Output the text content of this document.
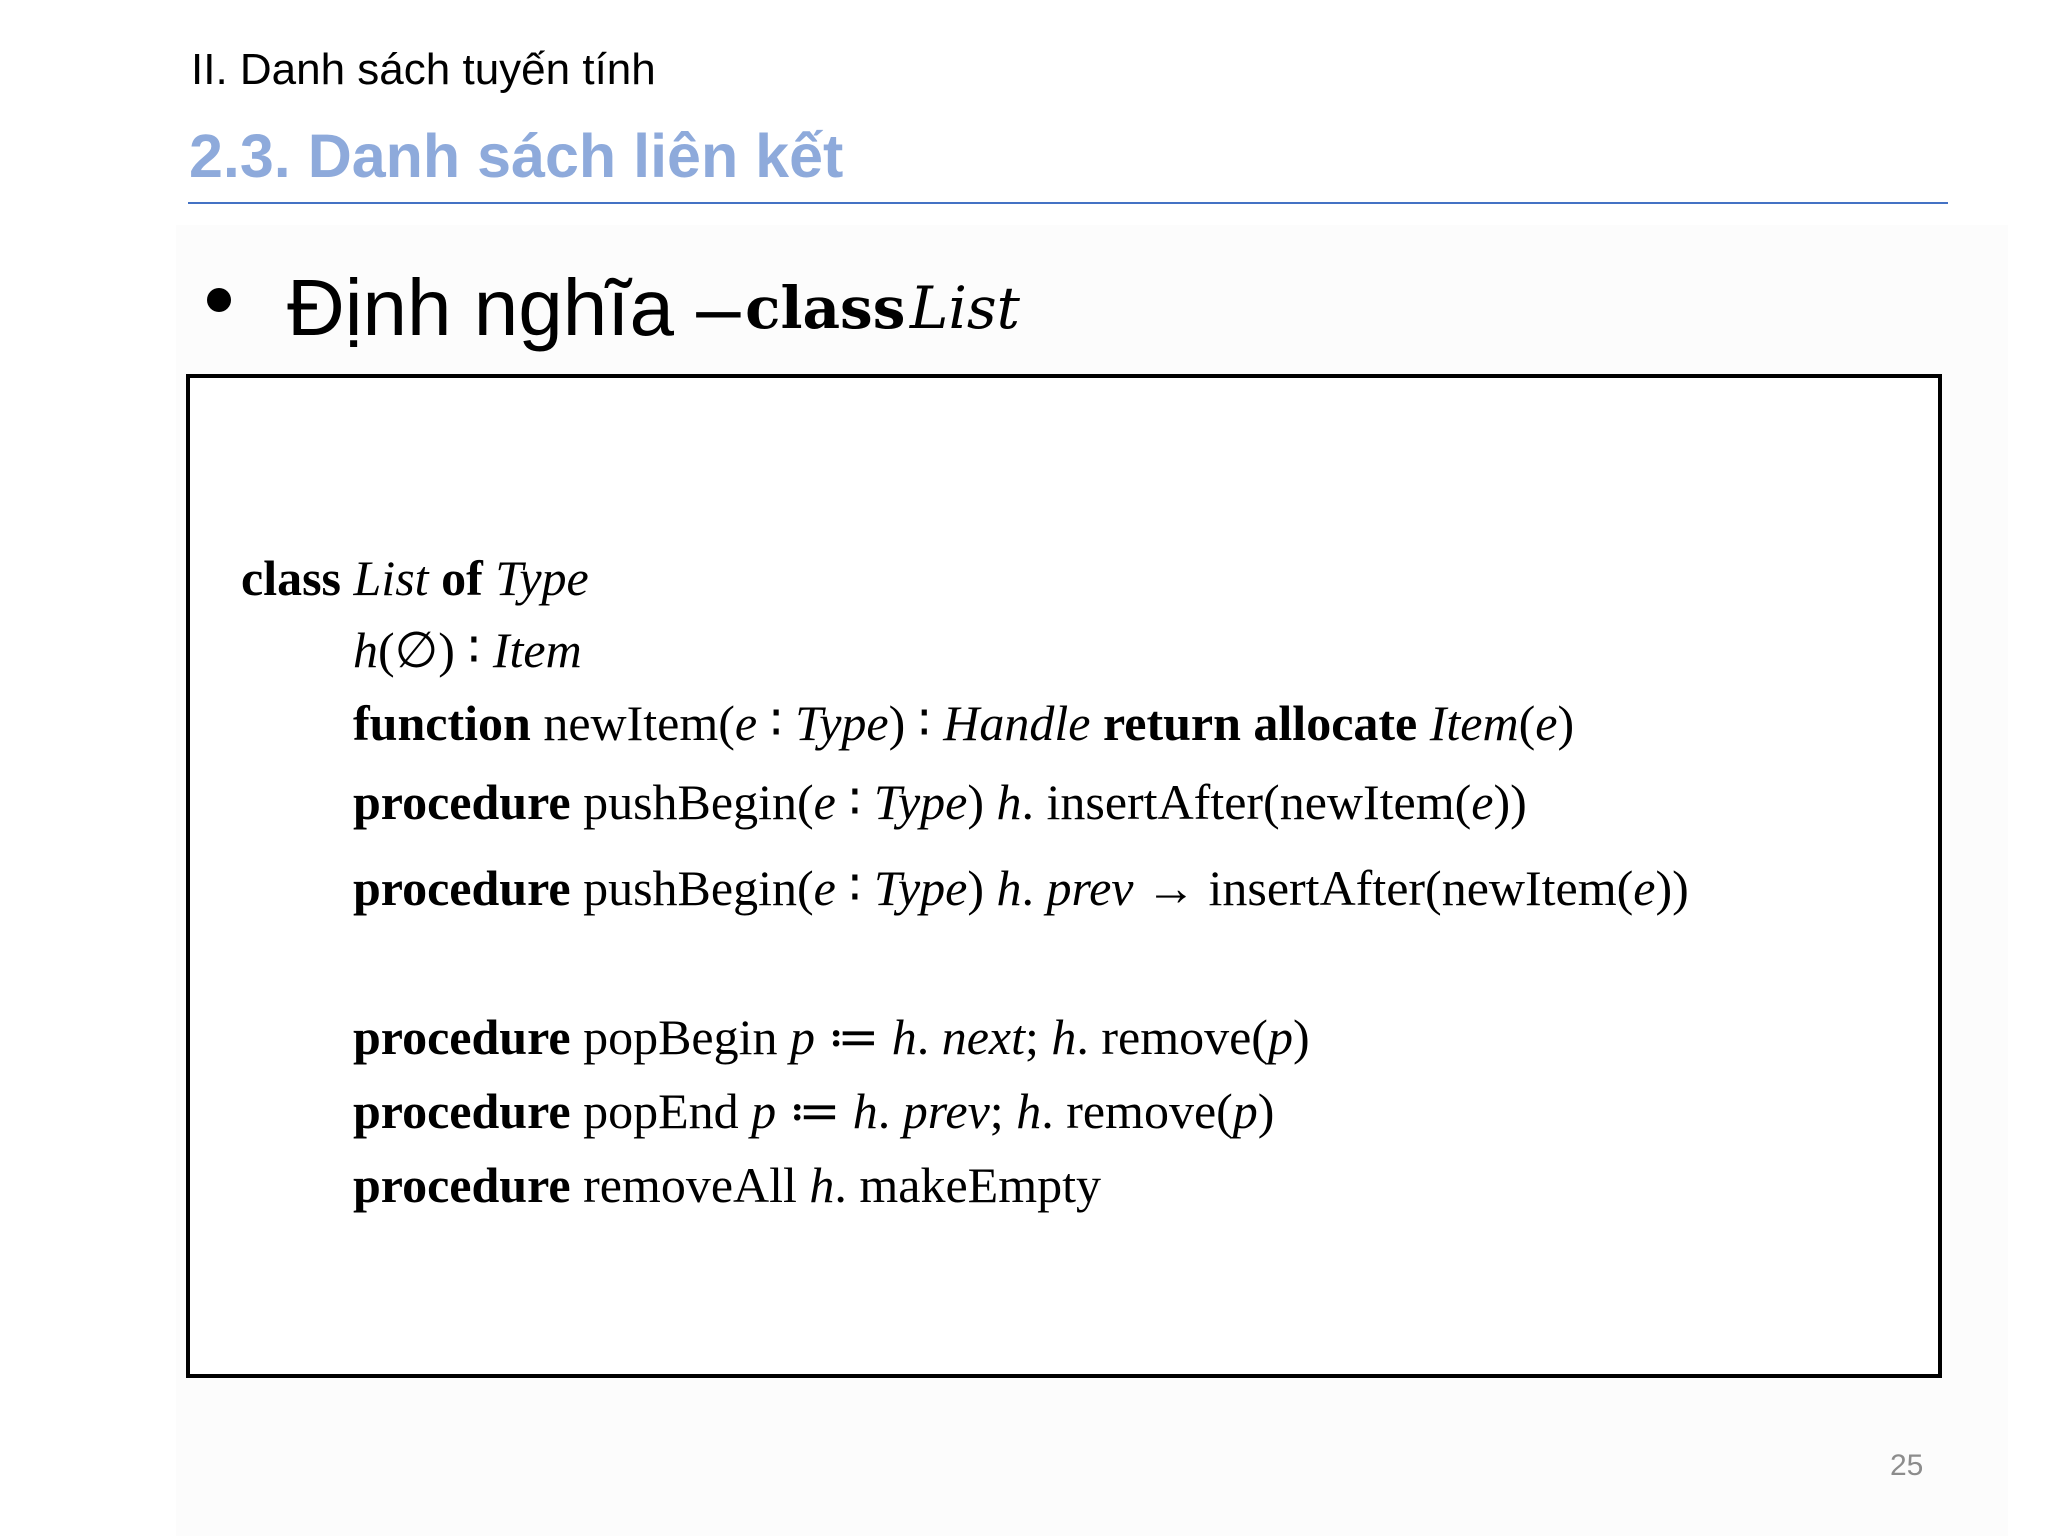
II. Danh sách tuyến tính
2.3. Danh sách liên kết
Định nghĩa – class List
class List of Type
h(∅) ∶ Item
function newItem(e ∶ Type) ∶ Handle return allocate Item(e)
procedure pushBegin(e ∶ Type) h. insertAfter(newItem(e))
procedure pushBegin(e ∶ Type) h. prev → insertAfter(newItem(e))
procedure popBegin p ≔ h. next; h. remove(p)
procedure popEnd p ≔ h. prev; h. remove(p)
procedure removeAll h. makeEmpty
25
